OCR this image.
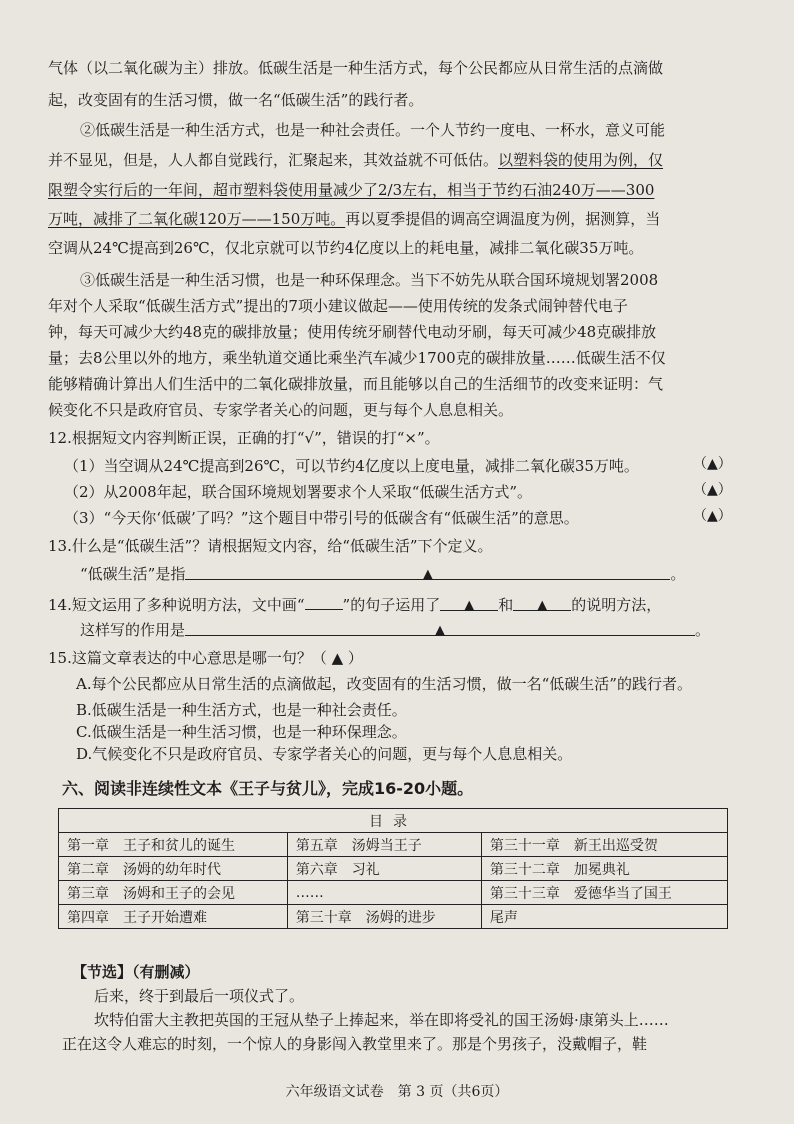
气体（以二氧化碳为主）排放。低碳生活是一种生活方式，每个公民都应从日常生活的点滴做
起，改变固有的生活习惯，做一名“低碳生活”的践行者。
②低碳生活是一种生活方式，也是一种社会责任。一个人节约一度电、一杯水，意义可能
并不显见，但是，人人都自觉践行，汇聚起来，其效益就不可低估。以塑料袋的使用为例，仅
限塑令实行后的一年间，超市塑料袋使用量减少了2/3左右，相当于节约石油240万——300
万吨，减排了二氧化碳120万——150万吨。再以夏季提倡的调高空调温度为例，据测算，当
空调从24℃提高到26℃，仅北京就可以节约4亿度以上的耗电量，减排二氧化碳35万吨。
③低碳生活是一种生活习惯，也是一种环保理念。当下不妨先从联合国环境规划署2008
年对个人采取“低碳生活方式”提出的7项小建议做起——使用传统的发条式闹钟替代电子
钟，每天可减少大约48克的碳排放量；使用传统牙刷替代电动牙刷，每天可减少48克碳排放
量；去8公里以外的地方，乘坐轨道交通比乘坐汽车减少1700克的碳排放量……低碳生活不仅
能够精确计算出人们生活中的二氧化碳排放量，而且能够以自己的生活细节的改变来证明：气
候变化不只是政府官员、专家学者关心的问题，更与每个人息息相关。
12.根据短文内容判断正误，正确的打“√”，错误的打“×”。
（1）当空调从24℃提高到26℃，可以节约4亿度以上度电量，减排二氧化碳35万吨。	（▲）
（2）从2008年起，联合国环境规划署要求个人采取“低碳生活方式”。	（▲）
（3）“今天你‘低碳’了吗？”这个题目中带引号的低碳含有“低碳生活”的意思。	（▲）
13.什么是“低碳生活”？请根据短文内容，给“低碳生活”下个定义。
“低碳生活”是指	▲	。
14.短文运用了多种说明方法，文中画“	”的句子运用了 ▲ 和 ▲ 的说明方法，
这样写的作用是	▲	。
15.这篇文章表达的中心意思是哪一句？（ ▲ ）
A.每个公民都应从日常生活的点滴做起，改变固有的生活习惯，做一名“低碳生活”的践行者。
六、阅读非连续性文本《王子与贫儿》，完成16-20小题。
目录		
第一章　王子和贫儿的诞生	第五章　汤姆当王子	第三十一章　新王出巡受贺
第二章　汤姆的幼年时代	第六章　习礼	第三十二章　加冕典礼
第三章　汤姆和王子的会见	……	第三十三章　爱德华当了国王
第四章　王子开始遭难	第三十章　汤姆的进步	尾声
【节选】（有删减）
后来，终于到最后一项仪式了。
坎特伯雷大主教把英国的王冠从垫子上捧起来，举在即将受礼的国王汤姆·康第头上……
正在这令人难忘的时刻，一个惊人的身影闯入教堂里来了。那是个男孩子，没戴帽子，鞋
六年级语文试卷　第 3 页（共6页）
B.低碳生活是一种生活方式，也是一种社会责任。
C.低碳生活是一种生活习惯，也是一种环保理念。
D.气候变化不只是政府官员、专家学者关心的问题，更与每个人息息相关。
